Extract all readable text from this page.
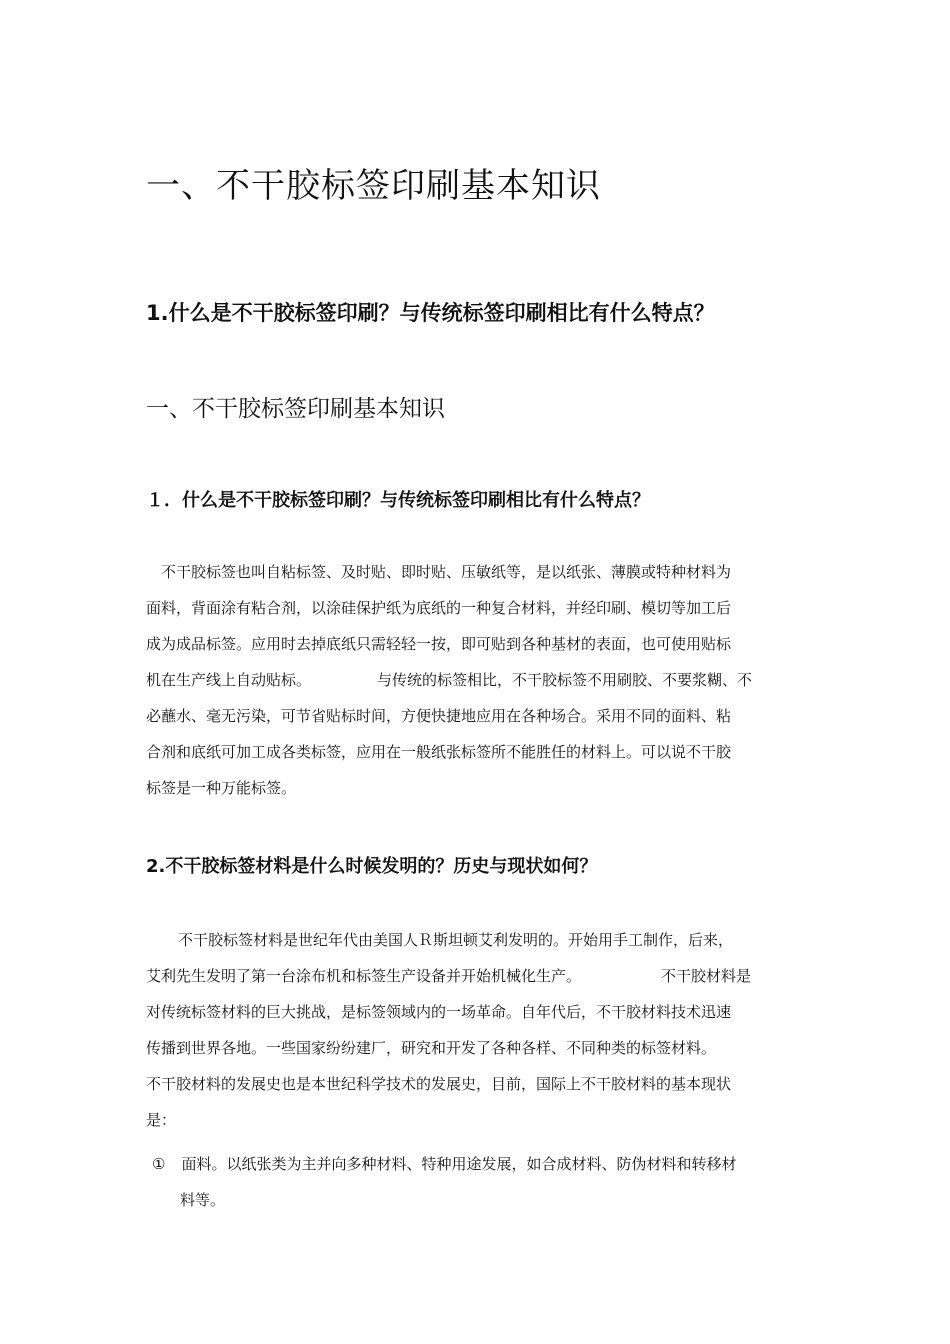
一、不干胶标签印刷基本知识
1.什么是不干胶标签印刷？与传统标签印刷相比有什么特点？
一、不干胶标签印刷基本知识
１．什么是不干胶标签印刷？与传统标签印刷相比有什么特点？
不干胶标签也叫自粘标签、及时贴、即时贴、压敏纸等，是以纸张、薄膜或特种材料为
面料，背面涂有粘合剂，以涂硅保护纸为底纸的一种复合材料，并经印刷、模切等加工后
成为成品标签。应用时去掉底纸只需轻轻一按，即可贴到各种基材的表面，也可使用贴标
机在生产线上自动贴标。	与传统的标签相比，不干胶标签不用刷胶、不要浆糊、不
必蘸水、毫无污染，可节省贴标时间，方便快捷地应用在各种场合。采用不同的面料、粘
合剂和底纸可加工成各类标签，应用在一般纸张标签所不能胜任的材料上。可以说不干胶
标签是一种万能标签。
2.不干胶标签材料是什么时候发明的？历史与现状如何？
不干胶标签材料是世纪年代由美国人Ｒ斯坦顿艾利发明的。开始用手工制作，后来，
艾利先生发明了第一台涂布机和标签生产设备并开始机械化生产。	不干胶材料是
对传统标签材料的巨大挑战，是标签领域内的一场革命。自年代后，不干胶材料技术迅速
传播到世界各地。一些国家纷纷建厂，研究和开发了各种各样、不同种类的标签材料。
不干胶材料的发展史也是本世纪科学技术的发展史，目前，国际上不干胶材料的基本现状
是：
① 面料。以纸张类为主并向多种材料、特种用途发展，如合成材料、防伪材料和转移材
料等。
